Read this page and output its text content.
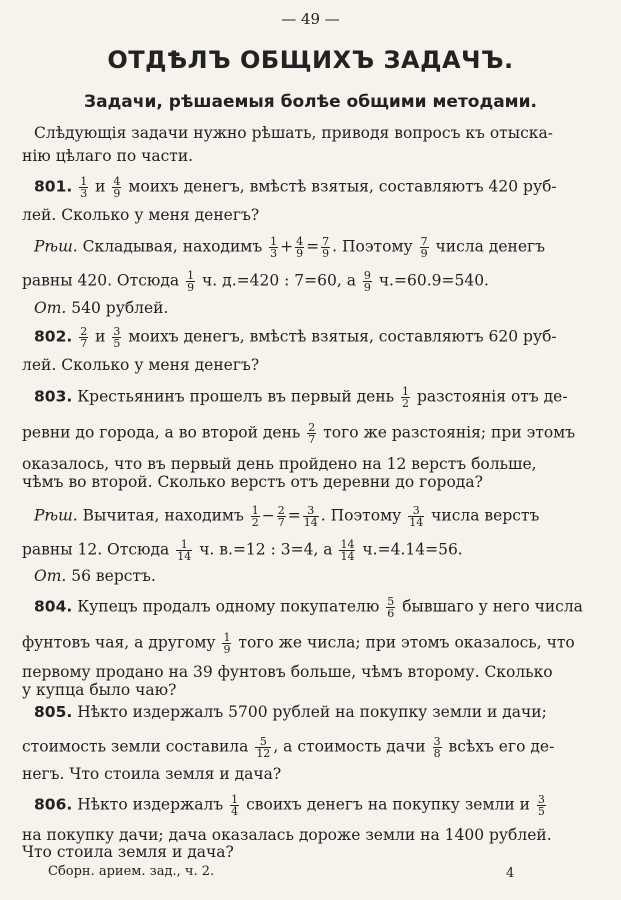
— 49 —
ОТДѢЛЪ ОБЩИХЪ ЗАДАЧЪ.
Задачи, рѣшаемыя болѣе общими методами.
Слѣдующія задачи нужно рѣшать, приводя вопросъ къ отыска-
нію цѣлаго по части.
801. $\frac{1}{3}$ и $\frac{4}{9}$ моихъ денегъ, вмѣстѣ взятыя, составляютъ 420 руб-
лей. Сколько у меня денегъ?
Рѣш. Складывая, находимъ $\frac{1}{3} + \frac{4}{9} = \frac{7}{9}$ . Поэтому $\frac{7}{9}$ числа денегъ
равны 420. Отсюда $\frac{1}{9} ч$. д.=420 : 7=60, а $\frac{9}{9} ч.=60.9=540$.
От. 540 рублей.
802. $\frac{2}{7}$ и $\frac{3}{5}$ моихъ денегъ, вмѣстѣ взятыя, составляютъ 620 руб-
лей. Сколько у меня денегъ?
803. Крестьянинъ прошелъ въ первый день $\frac{1}{2}$ разстоянія отъ де-
ревни до города, а во второй день $\frac{2}{7}$ того же разстоянія; при этомъ
оказалось, что въ первый день пройдено на 12 верстъ больше,
чѣмъ во второй. Сколько верстъ отъ деревни до города?
Рѣш. Вычитая, находимъ $\frac{1}{2} - \frac{2}{7} = \frac{3}{14}$ . Поэтому $\frac{3}{14}$ числа верстъ
равны 12. Отсюда $\frac{1}{14} ч$. в.=12 : 3=4, а $\frac{14}{14} ч.=4.14=56$.
От. 56 верстъ.
804. Купецъ продалъ одному покупателю $\frac{5}{6}$ бывшаго у него числа
фунтовъ чая, а другому $\frac{1}{9}$ того же числа; при этомъ оказалось, что
первому продано на 39 фунтовъ больше, чѣмъ второму. Сколько
у купца было чаю?
805. Нѣкто издержалъ 5700 рублей на покупку земли и дачи;
стоимость земли составила $\frac{5}{12}$ , а стоимость дачи $\frac{3}{8}$ всѣхъ его де-
негъ. Что стоила земля и дача?
806. Нѣкто издержалъ $\frac{1}{4}$ своихъ денегъ на покупку земли и $\frac{3}{5}$
на покупку дачи; дача оказалась дороже земли на 1400 рублей.
Что стоила земля и дача?
Сборн. арием. зад., ч. 2.	4
